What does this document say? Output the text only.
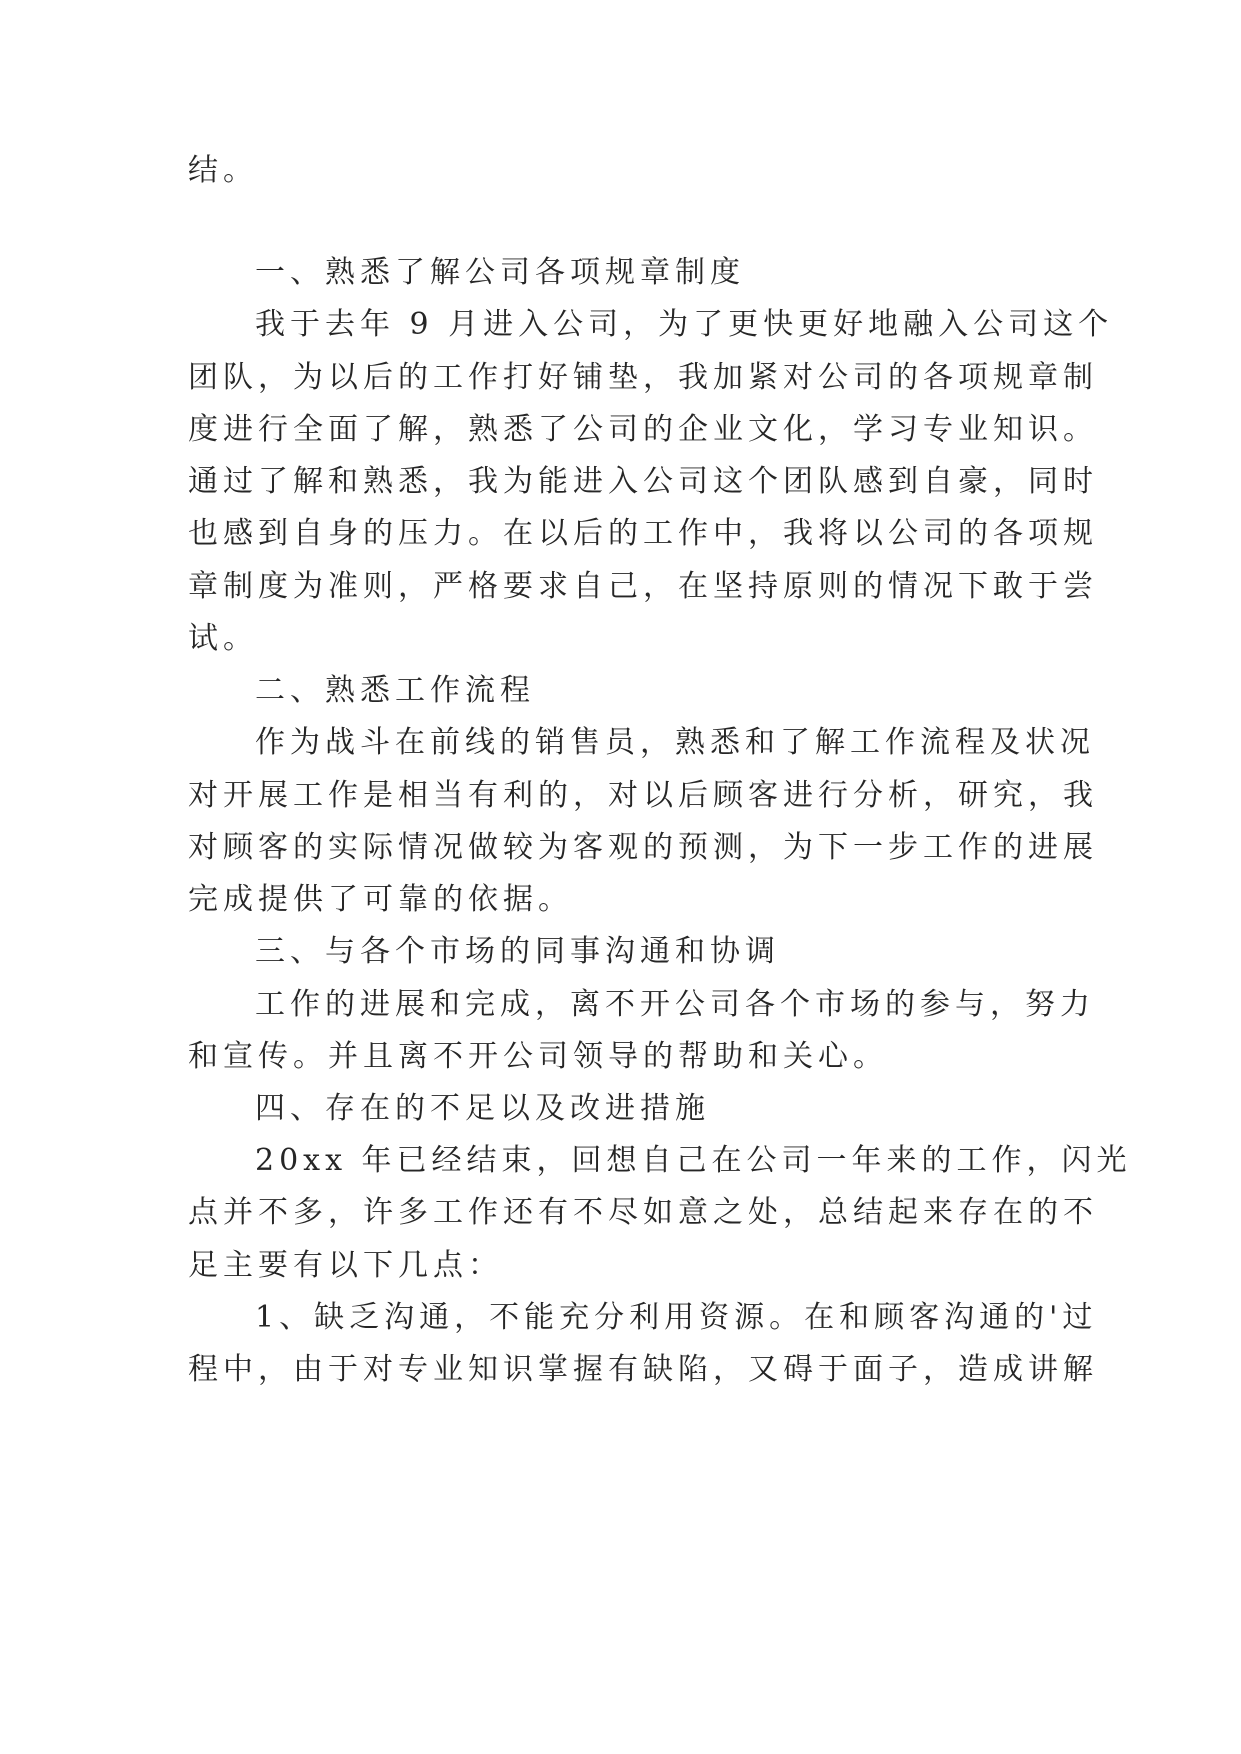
结。

一、熟悉了解公司各项规章制度

我于去年 9 月进入公司，为了更快更好地融入公司这个

团队，为以后的工作打好铺垫，我加紧对公司的各项规章制

度进行全面了解，熟悉了公司的企业文化，学习专业知识。

通过了解和熟悉，我为能进入公司这个团队感到自豪，同时

也感到自身的压力。在以后的工作中，我将以公司的各项规

章制度为准则，严格要求自己，在坚持原则的情况下敢于尝

试。

二、熟悉工作流程

作为战斗在前线的销售员，熟悉和了解工作流程及状况

对开展工作是相当有利的，对以后顾客进行分析，研究，我

对顾客的实际情况做较为客观的预测，为下一步工作的进展

完成提供了可靠的依据。

三、与各个市场的同事沟通和协调

工作的进展和完成，离不开公司各个市场的参与，努力

和宣传。并且离不开公司领导的帮助和关心。

四、存在的不足以及改进措施

20xx 年已经结束，回想自己在公司一年来的工作，闪光

点并不多，许多工作还有不尽如意之处，总结起来存在的不

足主要有以下几点：

1、缺乏沟通，不能充分利用资源。在和顾客沟通的'过

程中，由于对专业知识掌握有缺陷，又碍于面子，造成讲解
